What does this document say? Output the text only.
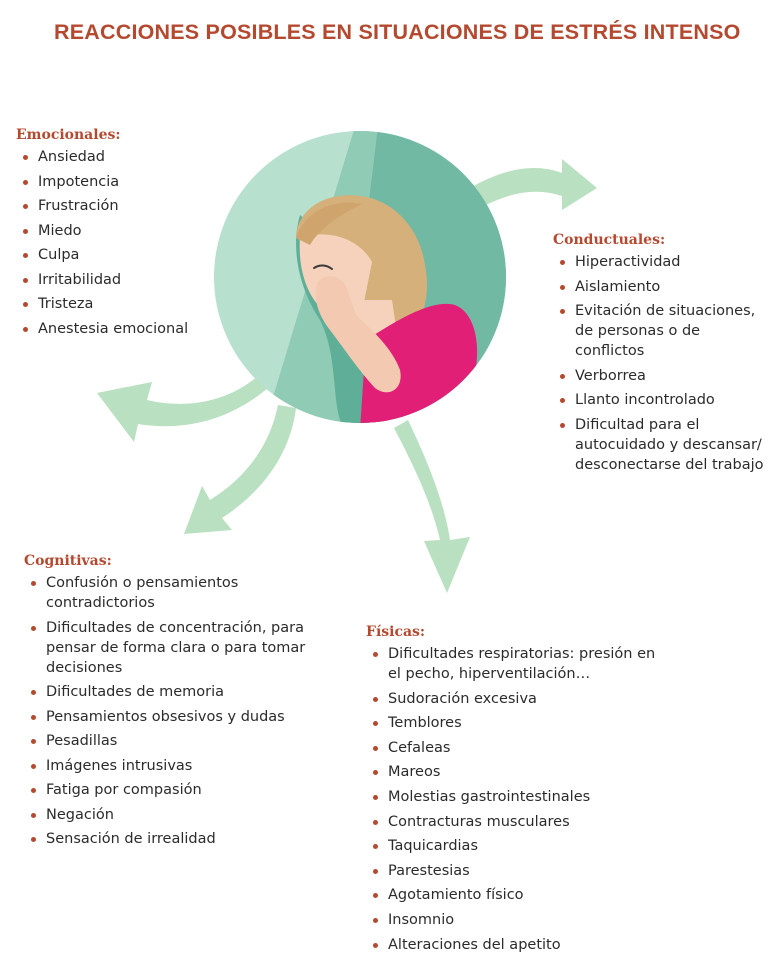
REACCIONES POSIBLES EN SITUACIONES DE ESTRÉS INTENSO
Emocionales:
Ansiedad
Impotencia
Frustración
Miedo
Culpa
Irritabilidad
Tristeza
Anestesia emocional
Conductuales:
Hiperactividad
Aislamiento
Evitación de situaciones, de personas o de conflictos
Verborrea
Llanto incontrolado
Dificultad para el autocuidado y descansar/ desconectarse del trabajo
Cognitivas:
Confusión o pensamientos contradictorios
Dificultades de concentración, para pensar de forma clara o para tomar decisiones
Dificultades de memoria
Pensamientos obsesivos y dudas
Pesadillas
Imágenes intrusivas
Fatiga por compasión
Negación
Sensación de irrealidad
Físicas:
Dificultades respiratorias: presión en el pecho, hiperventilación…
Sudoración excesiva
Temblores
Cefaleas
Mareos
Molestias gastrointestinales
Contracturas musculares
Taquicardias
Parestesias
Agotamiento físico
Insomnio
Alteraciones del apetito
